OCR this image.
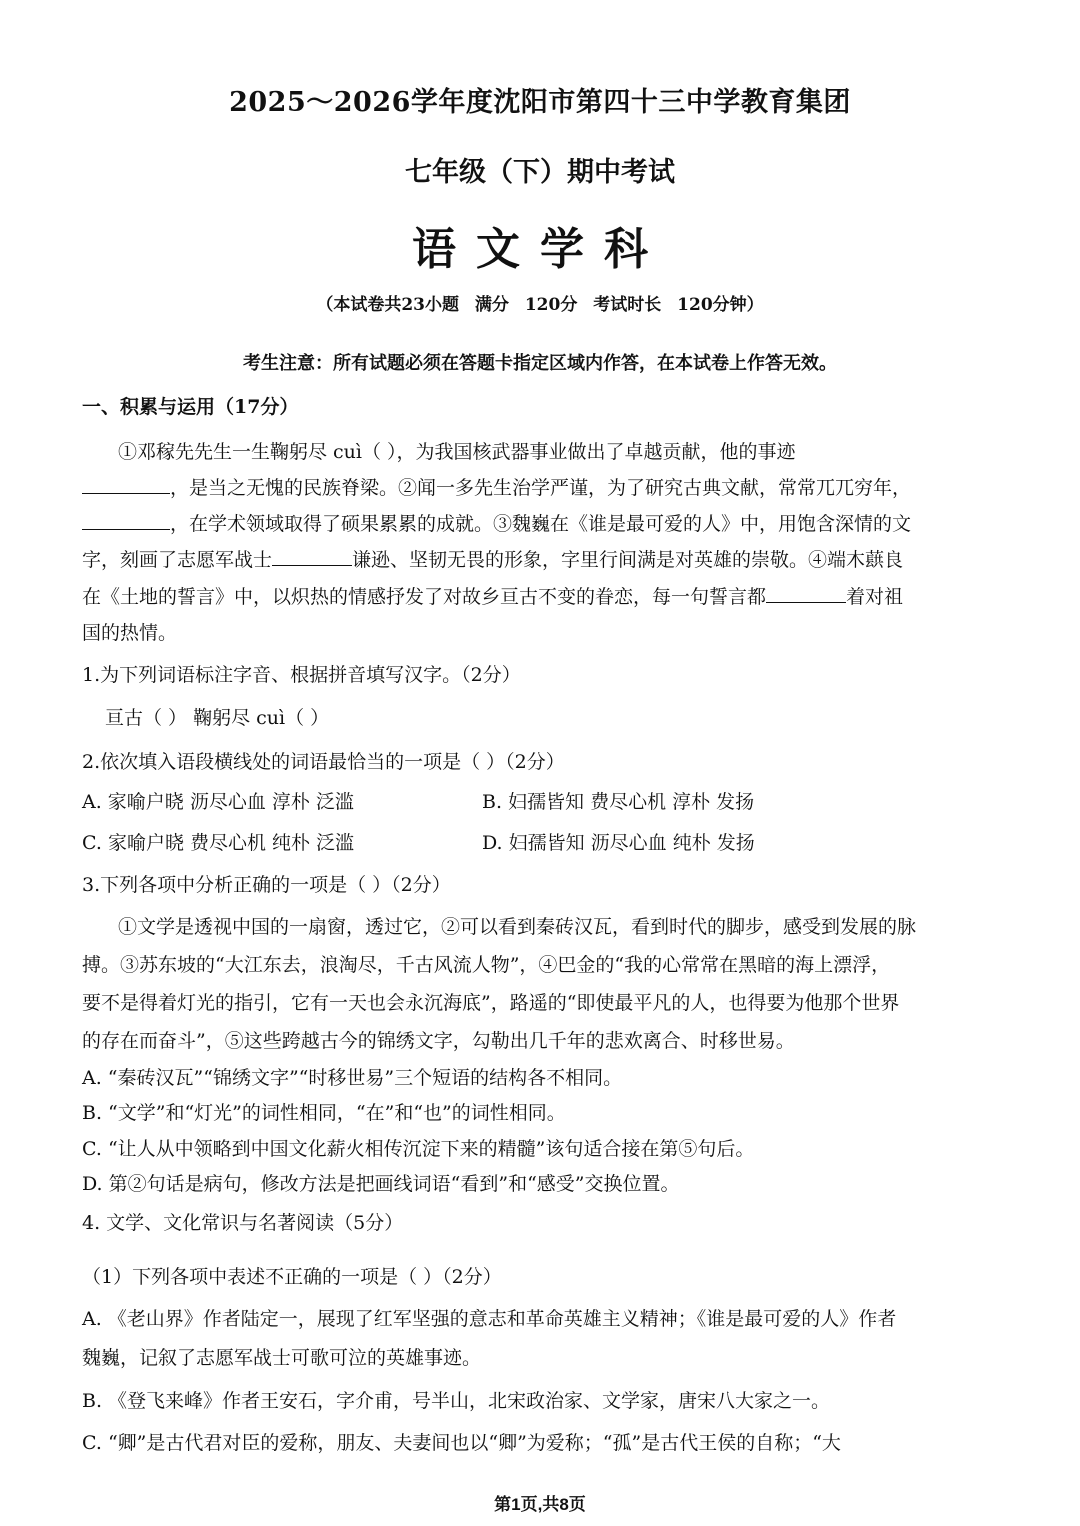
2025～2026学年度沈阳市第四十三中学教育集团
七年级（下）期中考试
语文学科
（本试卷共23小题 满分 120分 考试时长 120分钟）
考生注意：所有试题必须在答题卡指定区域内作答，在本试卷上作答无效。
一、积累与运用（17分）
①邓稼先先生一生鞠躬尽 cuì（ ），为我国核武器事业做出了卓越贡献，他的事迹
，是当之无愧的民族脊梁。②闻一多先生治学严谨，为了研究古典文献，常常兀兀穷年，
，在学术领域取得了硕果累累的成就。③魏巍在《谁是最可爱的人》中，用饱含深情的文
字，刻画了志愿军战士	谦逊、坚韧无畏的形象，字里行间满是对英雄的崇敬。④端木蕻良
在《土地的誓言》中，以炽热的情感抒发了对故乡亘古不变的眷恋，每一句誓言都	着对祖
国的热情。
1.为下列词语标注字音、根据拼音填写汉字。（2分）
亘古（ ） 鞠躬尽 cuì（ ）
2.依次填入语段横线处的词语最恰当的一项是（ ）（2分）
A. 家喻户晓 沥尽心血 淳朴 泛滥	B. 妇孺皆知 费尽心机 淳朴 发扬
C. 家喻户晓 费尽心机 纯朴 泛滥	D. 妇孺皆知 沥尽心血 纯朴 发扬
3.下列各项中分析正确的一项是（ ）（2分）
①文学是透视中国的一扇窗，透过它，②可以看到秦砖汉瓦，看到时代的脚步，感受到发展的脉
搏。③苏东坡的“大江东去，浪淘尽，千古风流人物”，④巴金的“我的心常常在黑暗的海上漂浮，
要不是得着灯光的指引，它有一天也会永沉海底”，路遥的“即使最平凡的人，也得要为他那个世界
的存在而奋斗”，⑤这些跨越古今的锦绣文字，勾勒出几千年的悲欢离合、时移世易。
A. “秦砖汉瓦”“锦绣文字”“时移世易”三个短语的结构各不相同。
B. “文学”和“灯光”的词性相同，“在”和“也”的词性相同。
C. “让人从中领略到中国文化薪火相传沉淀下来的精髓”该句适合接在第⑤句后。
D. 第②句话是病句，修改方法是把画线词语“看到”和“感受”交换位置。
4. 文学、文化常识与名著阅读（5分）
（1）下列各项中表述不正确的一项是（ ）（2分）
A. 《老山界》作者陆定一，展现了红军坚强的意志和革命英雄主义精神；《谁是最可爱的人》作者
魏巍，记叙了志愿军战士可歌可泣的英雄事迹。
B. 《登飞来峰》作者王安石，字介甫，号半山，北宋政治家、文学家，唐宋八大家之一。
C. “卿”是古代君对臣的爱称，朋友、夫妻间也以“卿”为爱称；“孤”是古代王侯的自称；“大
第1页,共8页
